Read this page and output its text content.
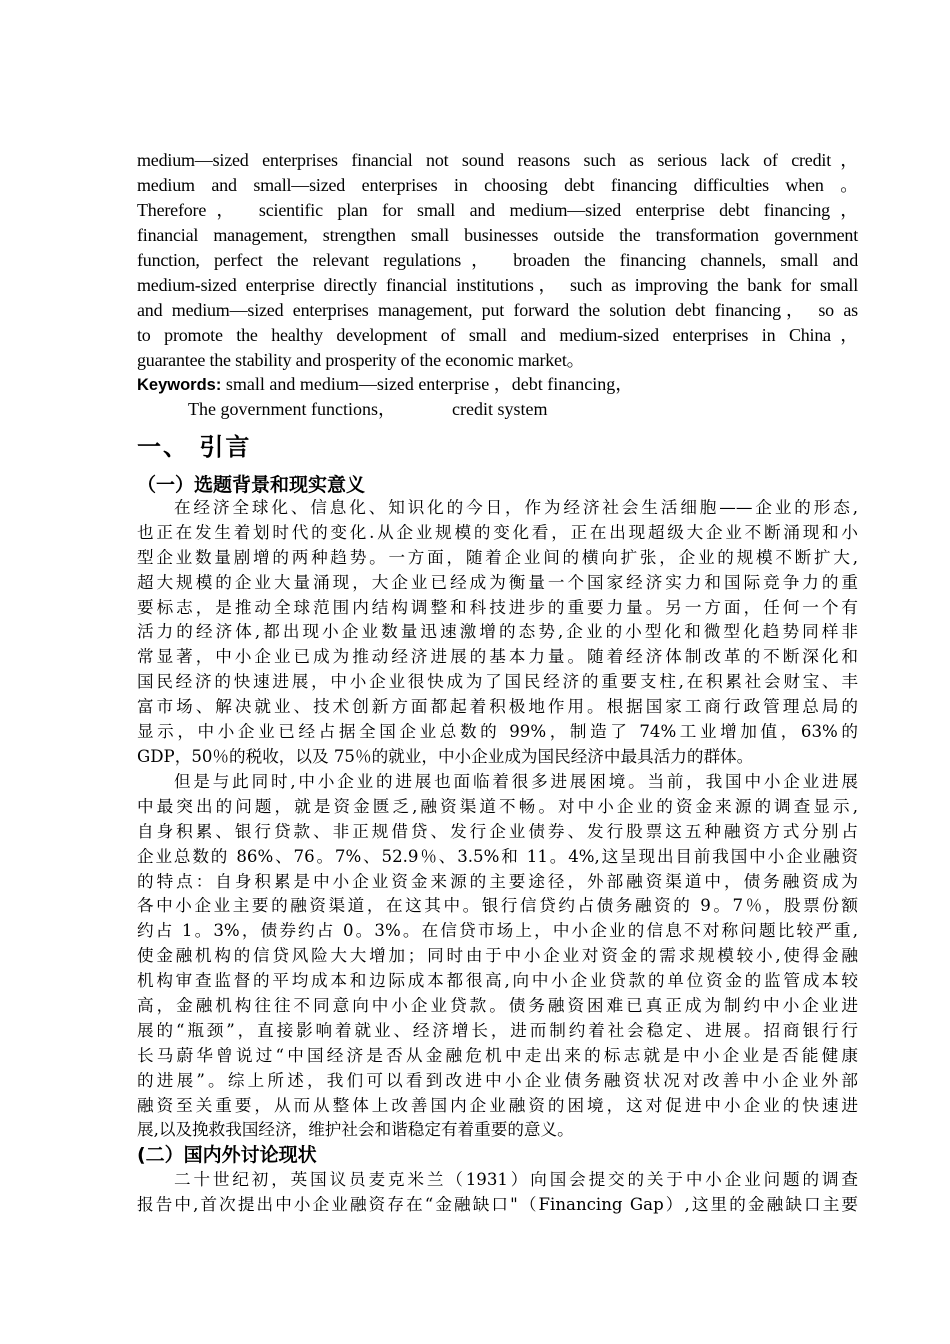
medium—sized enterprises financial not sound reasons such as serious lack of credit，
medium and small—sized enterprises in choosing debt financing difficulties when 。
Therefore， scientific plan for small and medium—sized enterprise debt financing，
financial management, strengthen small businesses outside the transformation government
function, perfect the relevant regulations， broaden the financing channels, small and
medium-sized enterprise directly financial institutions， such as improving the bank for small
and medium—sized enterprises management, put forward the solution debt financing， so as
to promote the healthy development of small and medium-sized enterprises in China，
guarantee the stability and prosperity of the economic market。
Keywords: small and medium—sized enterprise ，debt financing，
The government functions，	credit system
一、 引言
（一）选题背景和现实意义
在经济全球化、信息化、知识化的今日，作为经济社会生活细胞——企业的形态,
也正在发生着划时代的变化.从企业规模的变化看，正在出现超级大企业不断涌现和小
型企业数量剧增的两种趋势。一方面，随着企业间的横向扩张，企业的规模不断扩大,
超大规模的企业大量涌现，大企业已经成为衡量一个国家经济实力和国际竞争力的重
要标志，是推动全球范围内结构调整和科技进步的重要力量。另一方面，任何一个有
活力的经济体,都出现小企业数量迅速激增的态势,企业的小型化和微型化趋势同样非
常显著，中小企业已成为推动经济进展的基本力量。随着经济体制改革的不断深化和
国民经济的快速进展，中小企业很快成为了国民经济的重要支柱,在积累社会财宝、丰
富市场、解决就业、技术创新方面都起着积极地作用。根据国家工商行政管理总局的
显示，中小企业已经占据全国企业总数的 99%，制造了 74%工业增加值，63%的
GDP，50％的税收，以及 75％的就业，中小企业成为国民经济中最具活力的群体。
但是与此同时,中小企业的进展也面临着很多进展困境。当前，我国中小企业进展
中最突出的问题，就是资金匮乏,融资渠道不畅。对中小企业的资金来源的调查显示,
自身积累、银行贷款、非正规借贷、发行企业债券、发行股票这五种融资方式分别占
企业总数的 86%、76。7%、52.9％、3.5%和 11。4%,这呈现出目前我国中小企业融资
的特点：自身积累是中小企业资金来源的主要途径，外部融资渠道中，债务融资成为
各中小企业主要的融资渠道，在这其中。银行信贷约占债务融资的 9。7％，股票份额
约占 1。3%，债券约占 0。3%。在信贷市场上，中小企业的信息不对称问题比较严重,
使金融机构的信贷风险大大增加；同时由于中小企业对资金的需求规模较小,使得金融
机构审查监督的平均成本和边际成本都很高,向中小企业贷款的单位资金的监管成本较
高，金融机构往往不同意向中小企业贷款。债务融资困难已真正成为制约中小企业进
展的“瓶颈”，直接影响着就业、经济增长，进而制约着社会稳定、进展。招商银行行
长马蔚华曾说过“中国经济是否从金融危机中走出来的标志就是中小企业是否能健康
的进展”。综上所述，我们可以看到改进中小企业债务融资状况对改善中小企业外部
融资至关重要，从而从整体上改善国内企业融资的困境，这对促进中小企业的快速进
展,以及挽救我国经济，维护社会和谐稳定有着重要的意义。
(二）国内外讨论现状
二十世纪初，英国议员麦克米兰（1931）向国会提交的关于中小企业问题的调查
报告中,首次提出中小企业融资存在“金融缺口"（Financing Gap）,这里的金融缺口主要
